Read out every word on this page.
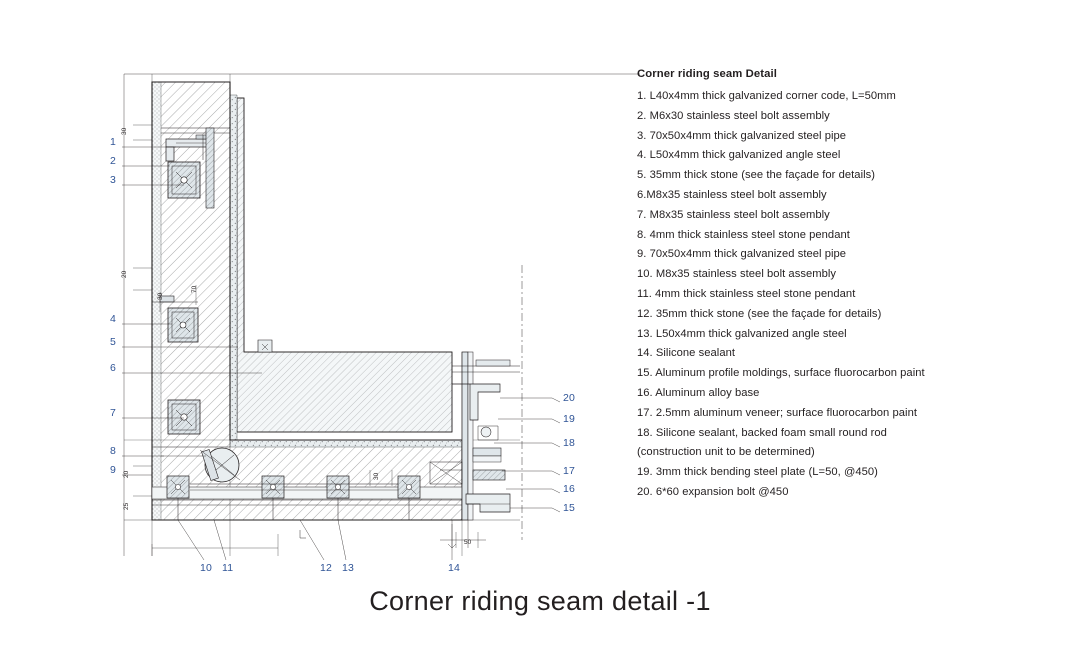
30
20
30
70
20
25
30
50
1
2
3
4
5
6
7
8
9
20
19
18
17
16
15
10 11	12 13	14
Corner riding seam Detail
1. L40x4mm thick galvanized corner code, L=50mm
2. M6x30 stainless steel bolt assembly
3. 70x50x4mm thick galvanized steel pipe
4. L50x4mm thick galvanized angle steel
5. 35mm thick stone (see the façade for details)
6.M8x35 stainless steel bolt assembly
7. M8x35 stainless steel bolt assembly
8. 4mm thick stainless steel stone pendant
9. 70x50x4mm thick galvanized steel pipe
10. M8x35 stainless steel bolt assembly
11. 4mm thick stainless steel stone pendant
12. 35mm thick stone (see the façade for details)
13. L50x4mm thick galvanized angle steel
14. Silicone sealant
15. Aluminum profile moldings, surface fluorocarbon paint
16. Aluminum alloy base
17. 2.5mm aluminum veneer; surface fluorocarbon paint
18. Silicone sealant, backed foam small round rod (construction unit to be determined)
19. 3mm thick bending steel plate (L=50, @450)
20. 6*60 expansion bolt @450
Corner riding seam detail -1
